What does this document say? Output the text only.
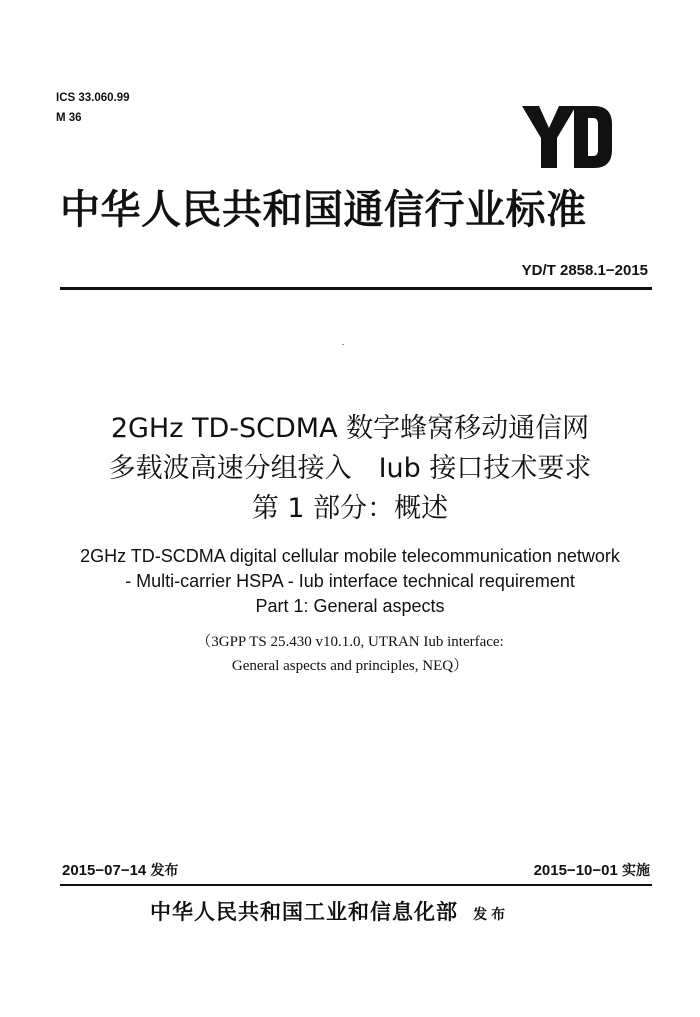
ICS 33.060.99
M 36
中华人民共和国通信行业标准
YD/T 2858.1−2015
2GHz TD-SCDMA 数字蜂窝移动通信网
多载波高速分组接入　Iub 接口技术要求
第 1 部分：概述
2GHz TD-SCDMA digital cellular mobile telecommunication network
- Multi-carrier HSPA - Iub interface technical requirement
Part 1: General aspects
（3GPP TS 25.430 v10.1.0, UTRAN Iub interface:
General aspects and principles, NEQ）
2015−07−14 发布	2015−10−01 实施
中华人民共和国工业和信息化部 发布
